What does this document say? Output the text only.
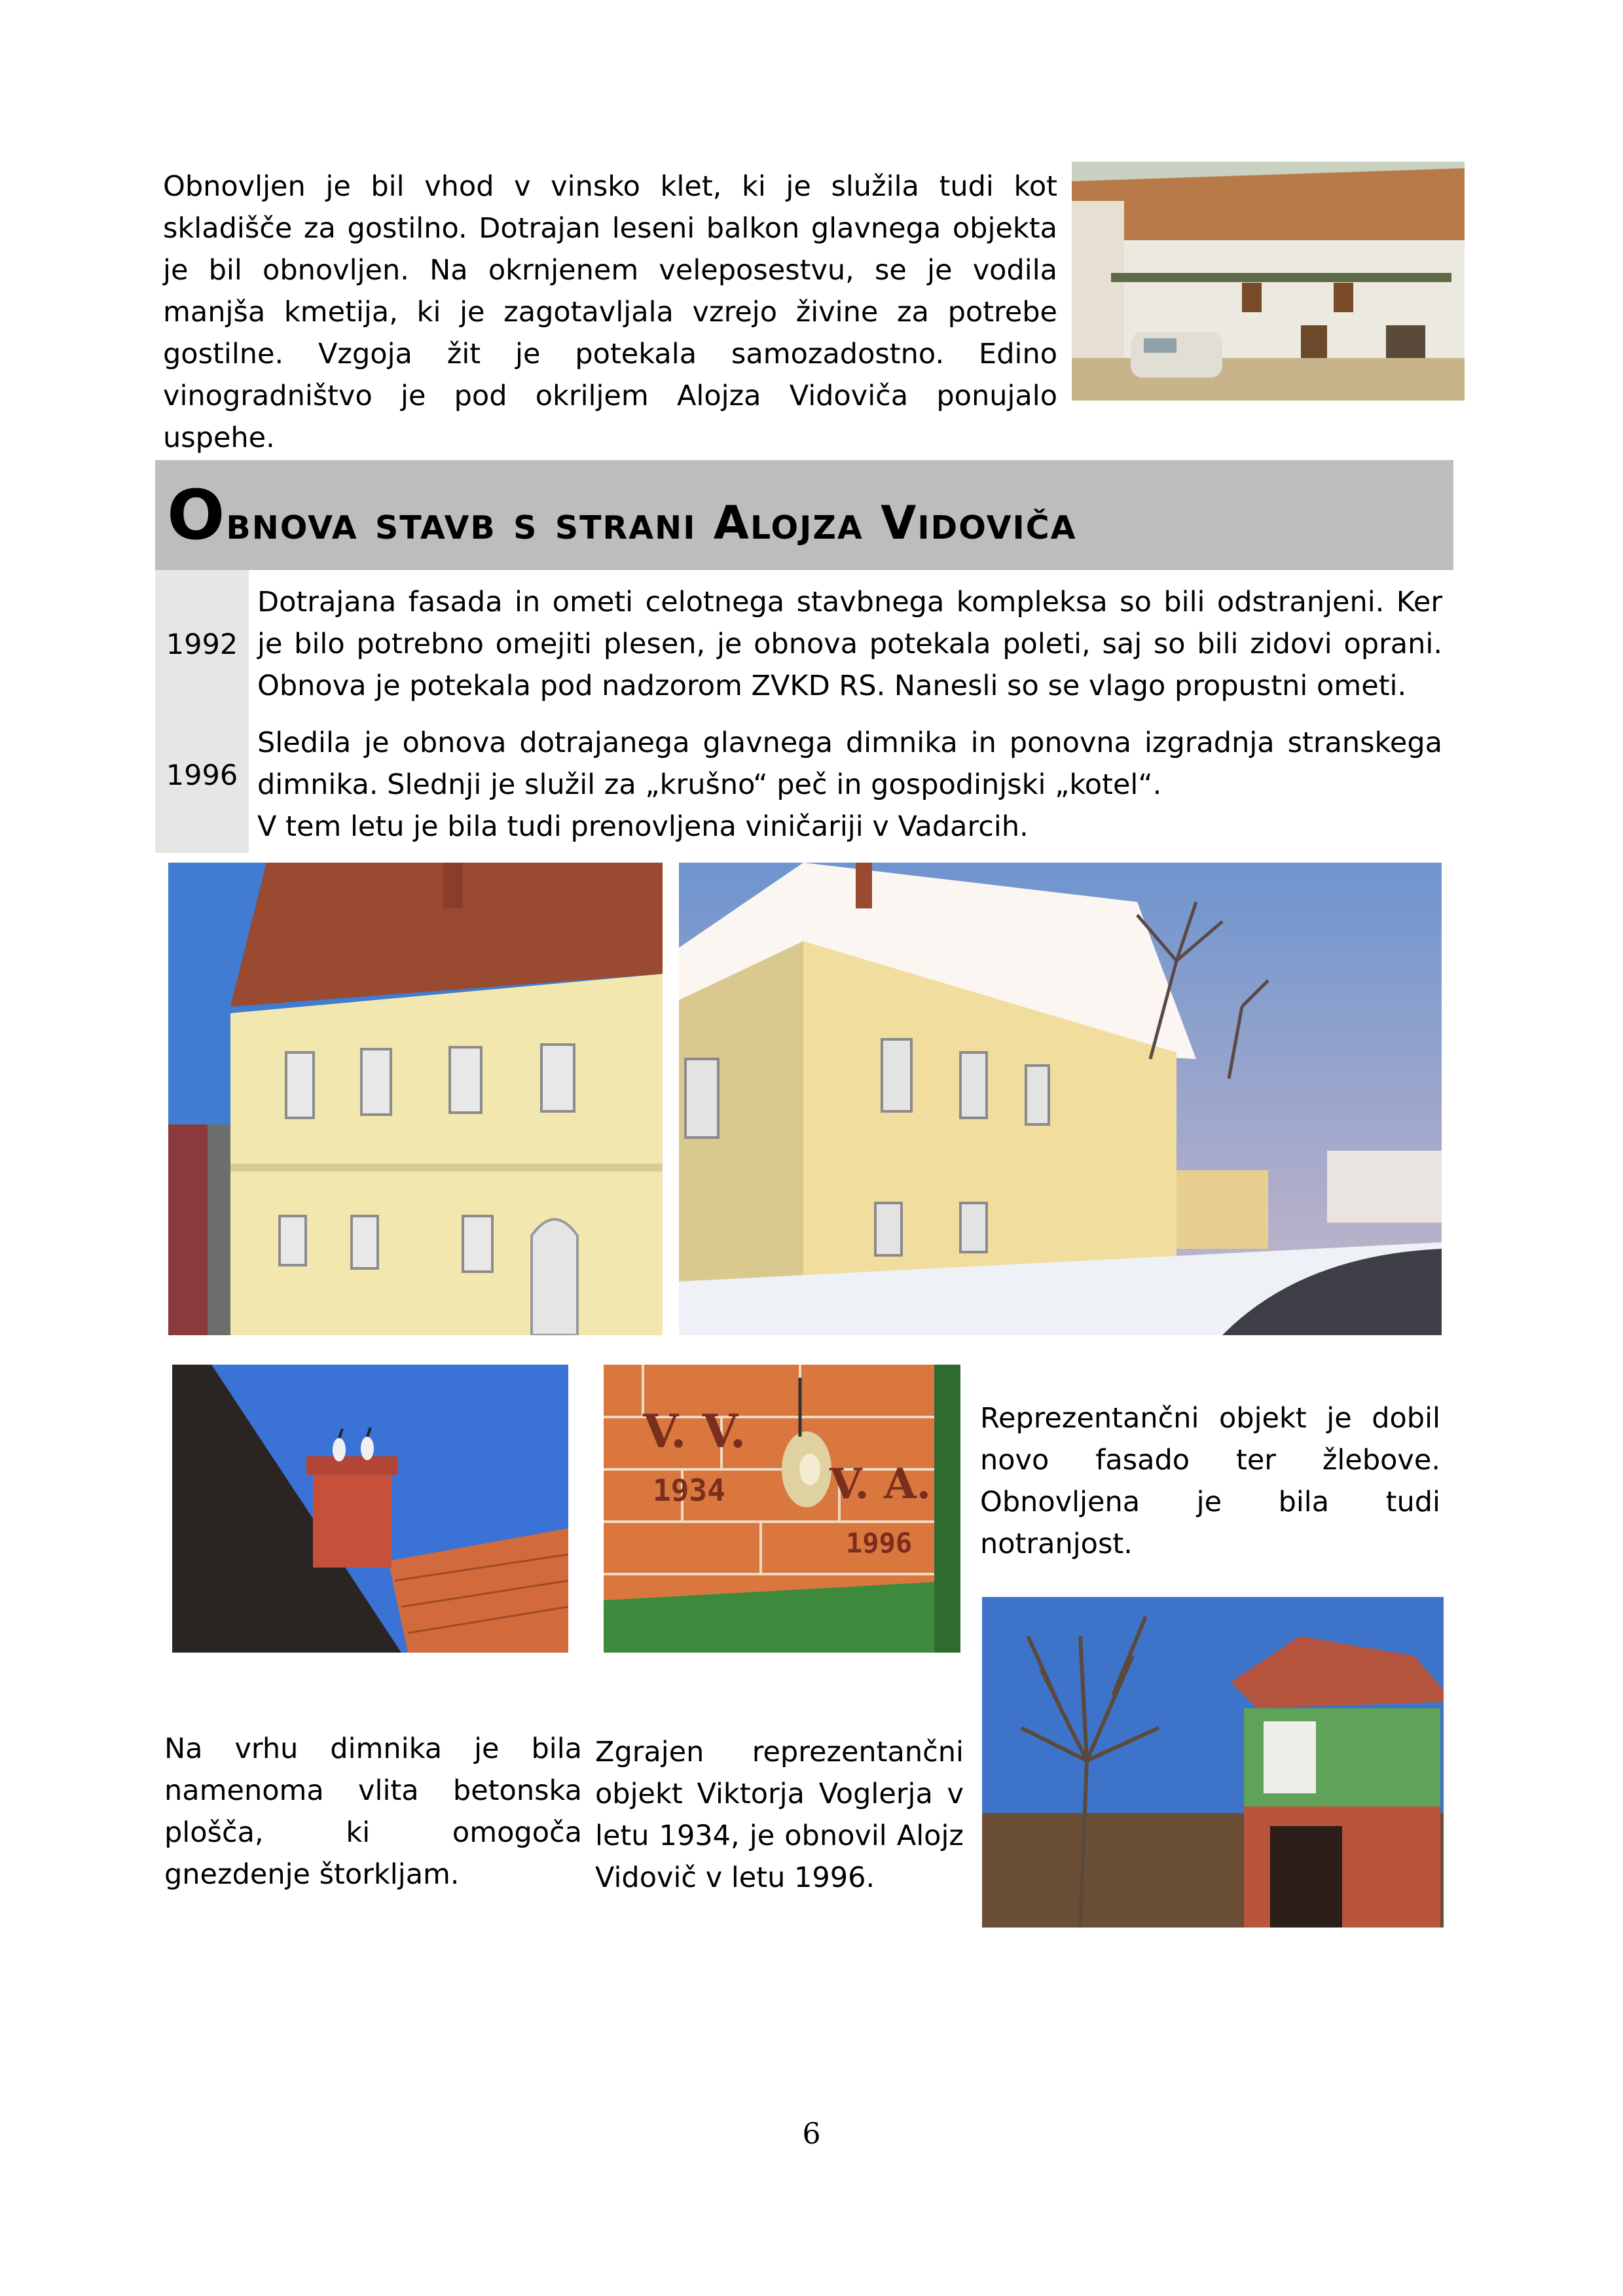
Obnovljen je bil vhod v vinsko klet, ki je služila tudi kot skladišče za gostilno. Dotrajan leseni balkon glavnega objekta je bil obnovljen. Na okrnjenem veleposestvu, se je vodila manjša kmetija, ki je zagotavljala vzrejo živine za potrebe gostilne. Vzgoja žit je potekala samozadostno. Edino vinogradništvo je pod okriljem Alojza Vidoviča ponujalo uspehe.

Obnova stavb s strani Alojza Vidoviča
1992

Dotrajana fasada in ometi celotnega stavbnega kompleksa so bili odstranjeni. Ker je bilo potrebno omejiti plesen, je obnova potekala poleti, saj so bili zidovi oprani. Obnova je potekala pod nadzorom ZVKD RS. Nanesli so se vlago propustni ometi.

1996

Sledila je obnova dotrajanega glavnega dimnika in ponovna izgradnja stranskega dimnika. Slednji je služil za „krušno“ peč in gospodinjski „kotel“.

V tem letu je bila tudi prenovljena viničariji v Vadarcih.

V. V.
1934 V. A.
1996

Reprezentančni objekt je dobil novo fasado ter žlebove. Obnovljena je bila tudi notranjost.

Na vrhu dimnika je bila namenoma vlita betonska plošča, ki omogoča gnezdenje štorkljam.

Zgrajen reprezentančni objekt Viktorja Voglerja v letu 1934, je obnovil Alojz Vidovič v letu 1996.

6
